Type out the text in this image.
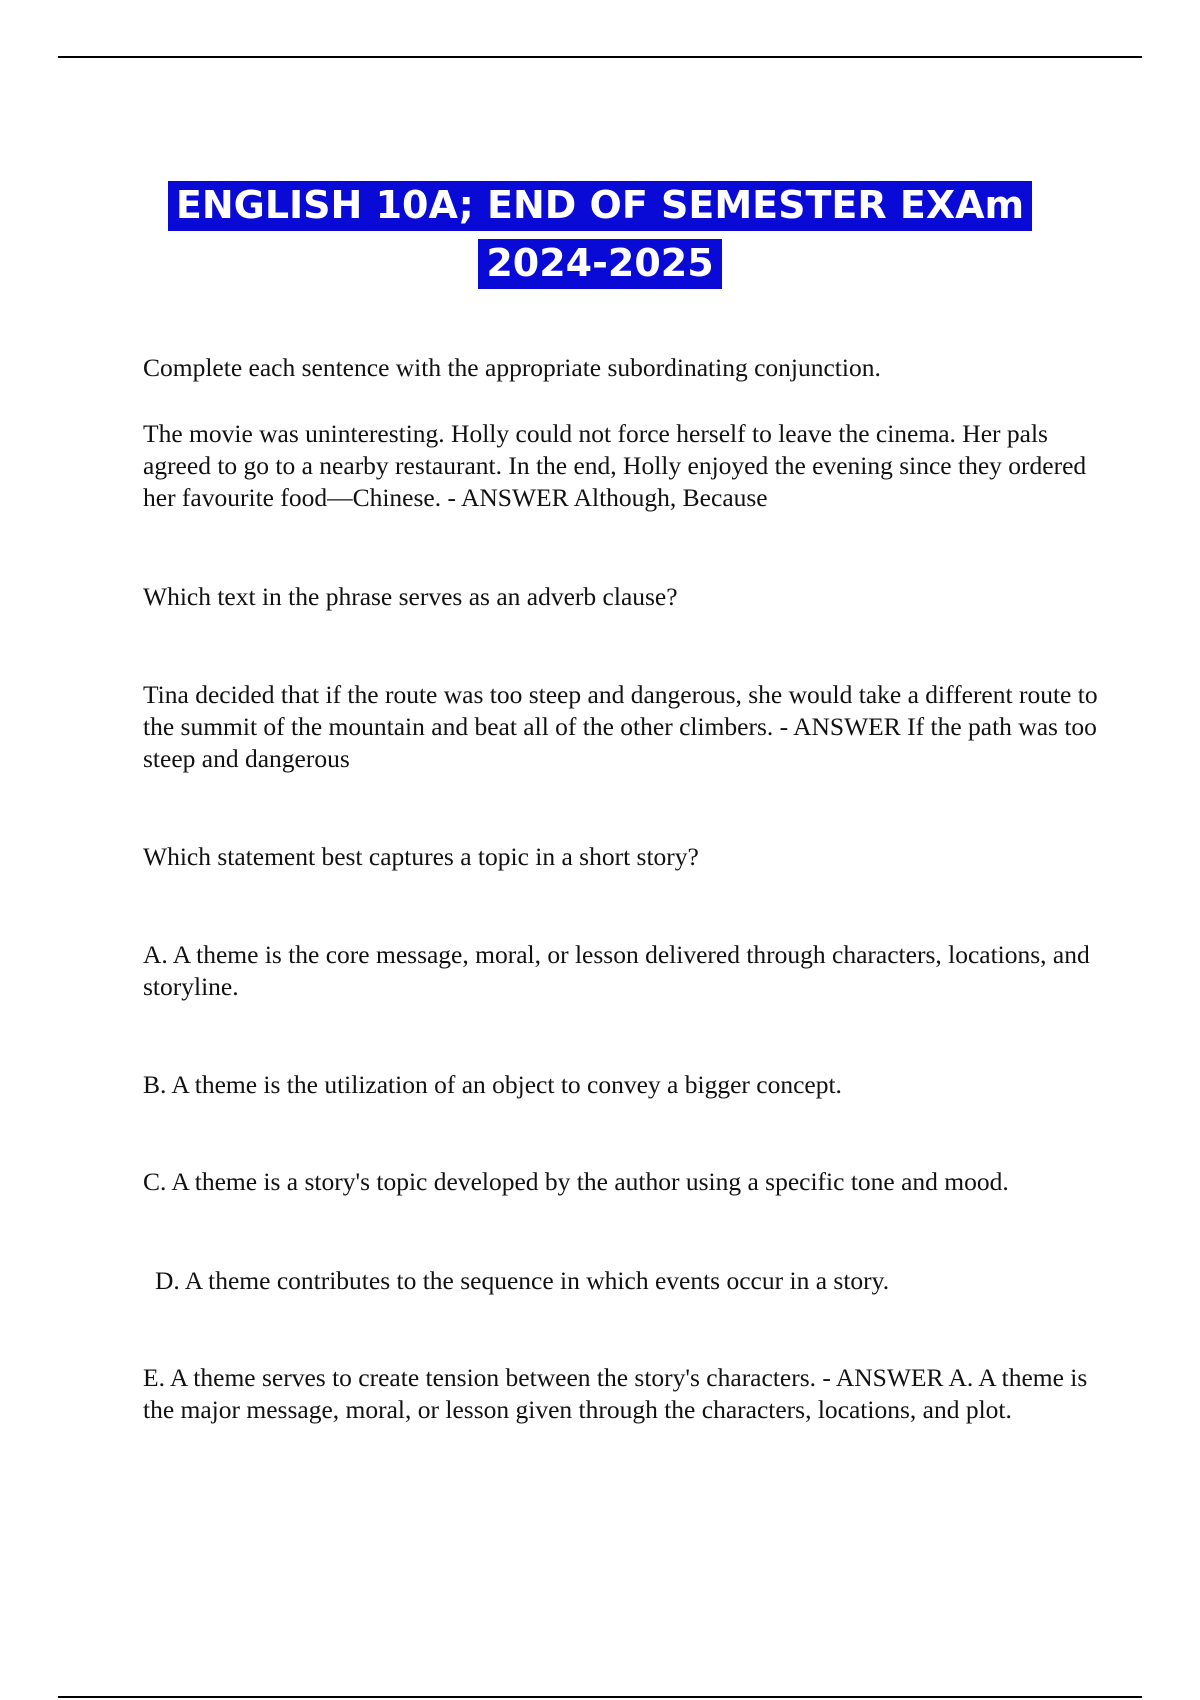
ENGLISH 10A; END OF SEMESTER EXAm
2024-2025

Complete each sentence with the appropriate subordinating conjunction.

The movie was uninteresting. Holly could not force herself to leave the cinema. Her pals agreed to go to a nearby restaurant. In the end, Holly enjoyed the evening since they ordered her favourite food—Chinese. - ANSWER Although, Because

Which text in the phrase serves as an adverb clause?

Tina decided that if the route was too steep and dangerous, she would take a different route to the summit of the mountain and beat all of the other climbers. - ANSWER If the path was too steep and dangerous

Which statement best captures a topic in a short story?

A. A theme is the core message, moral, or lesson delivered through characters, locations, and storyline.

B. A theme is the utilization of an object to convey a bigger concept.

C. A theme is a story's topic developed by the author using a specific tone and mood.

D. A theme contributes to the sequence in which events occur in a story.

E. A theme serves to create tension between the story's characters. - ANSWER A. A theme is the major message, moral, or lesson given through the characters, locations, and plot.
